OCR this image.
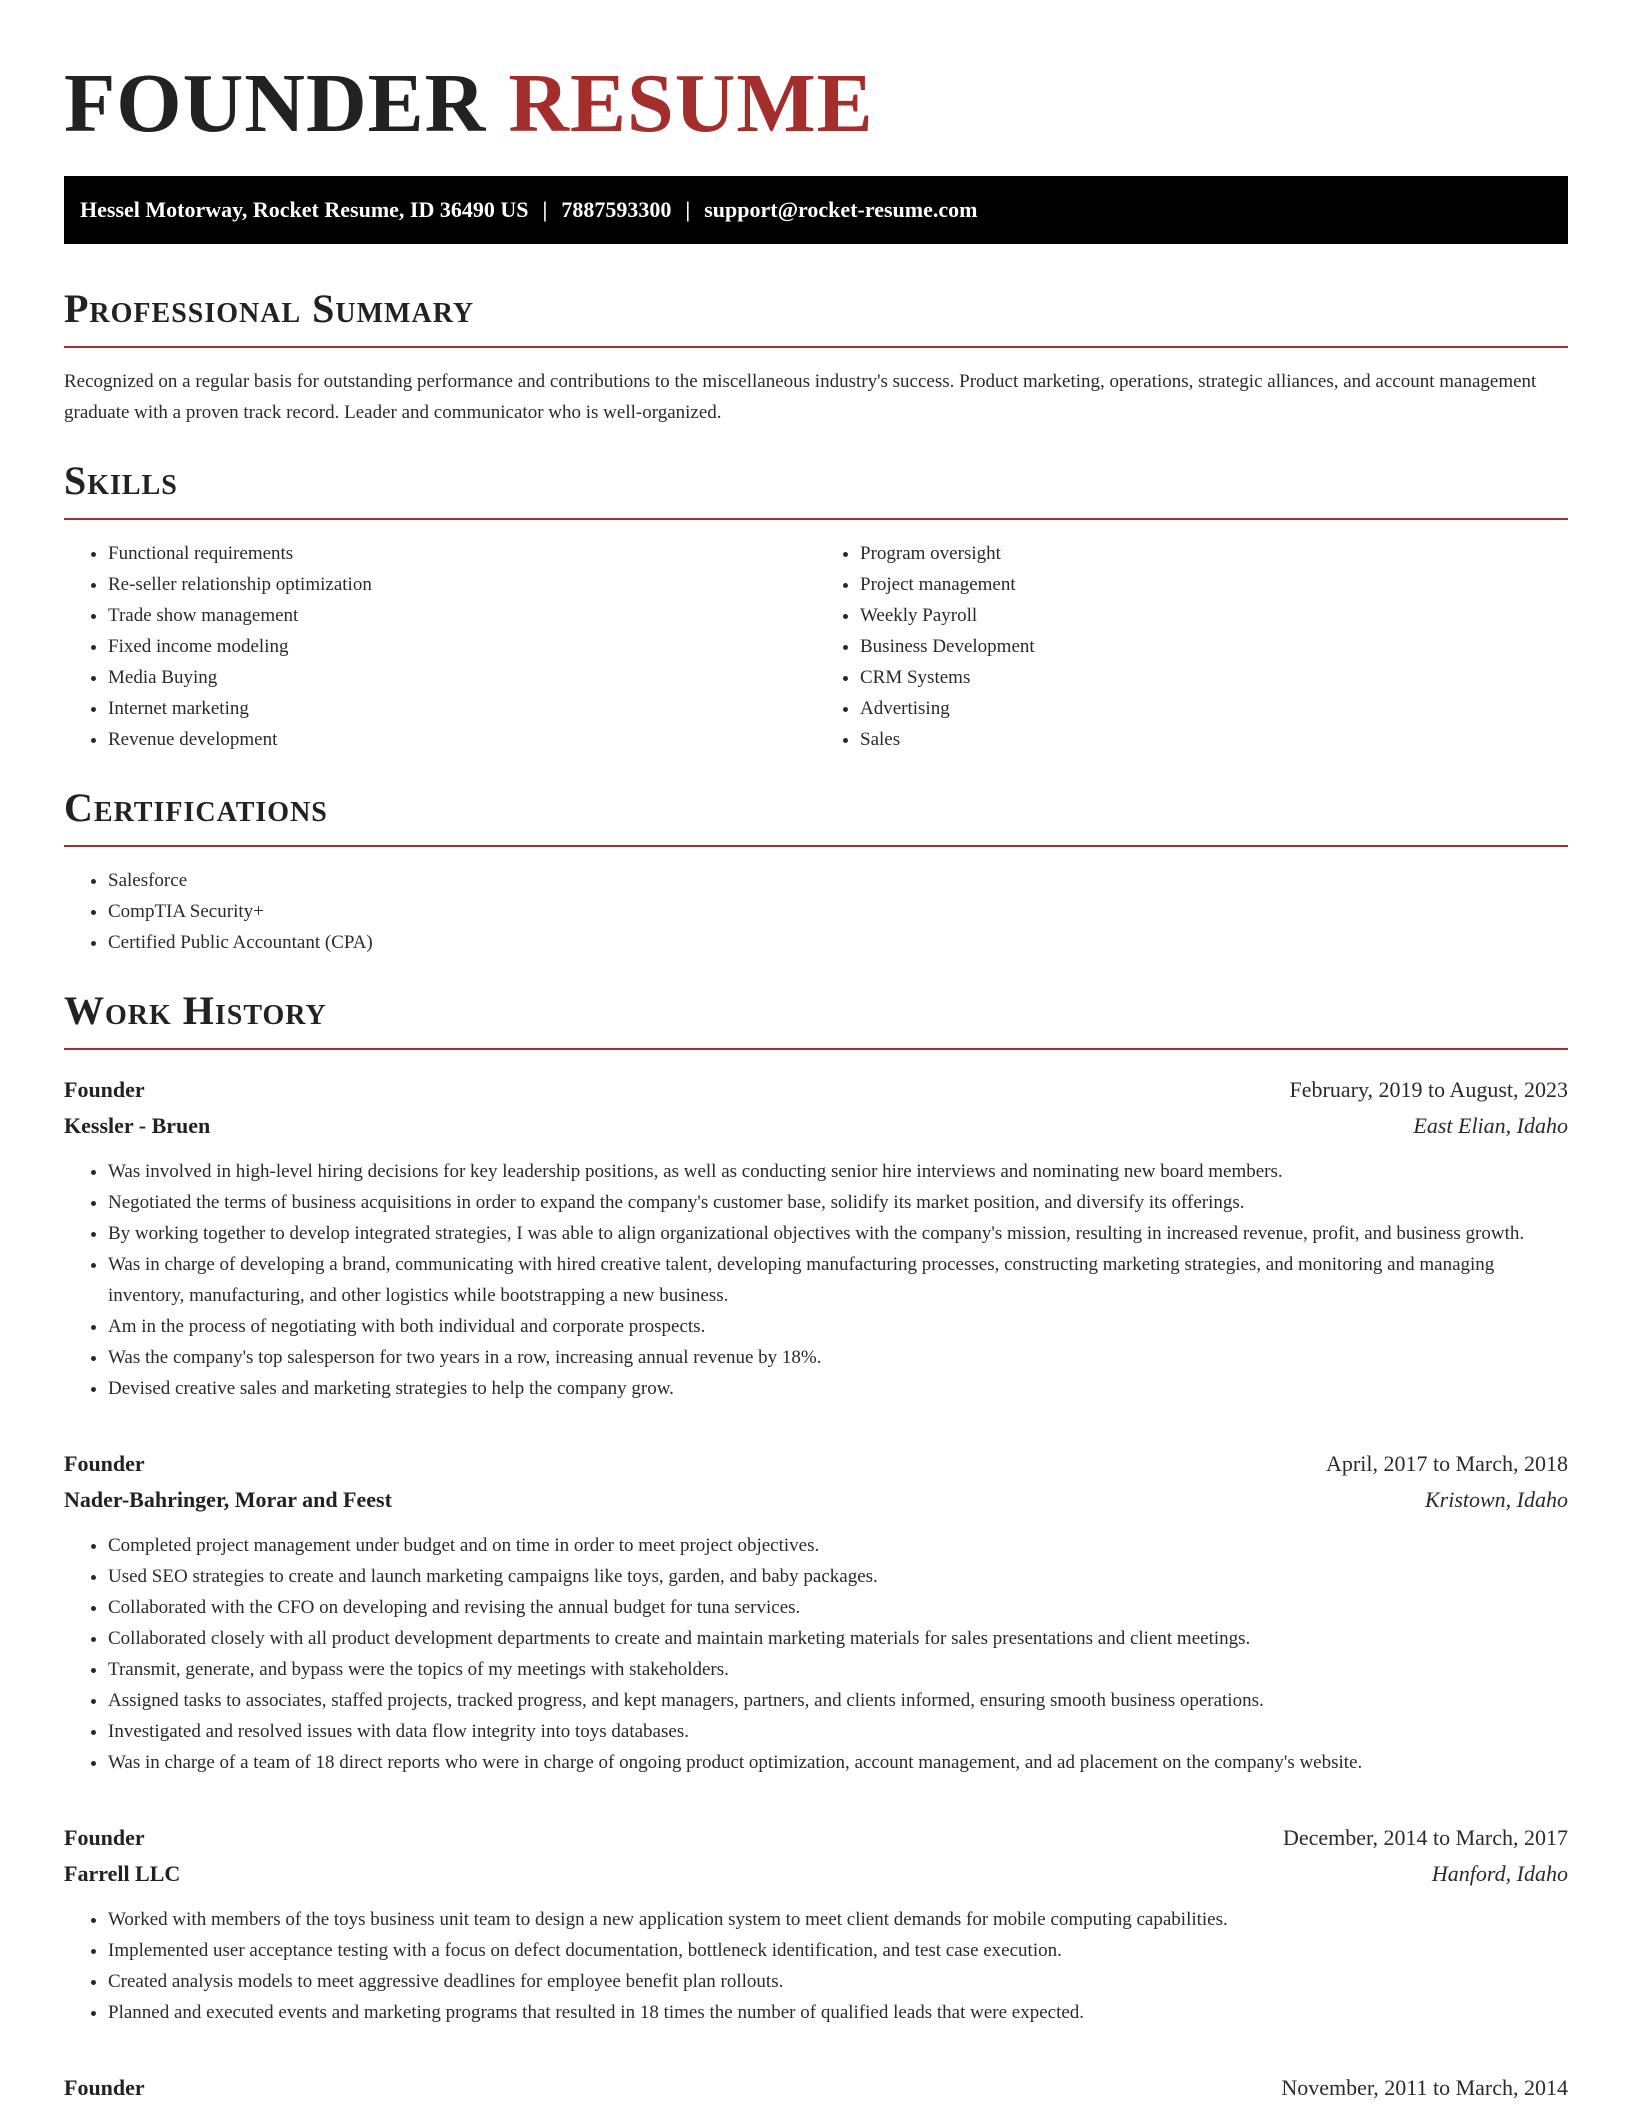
FOUNDER RESUME
Hessel Motorway, Rocket Resume, ID 36490 US | 7887593300 | support@rocket-resume.com
Professional Summary

Recognized on a regular basis for outstanding performance and contributions to the miscellaneous industry's success. Product marketing, operations, strategic alliances, and account management graduate with a proven track record. Leader and communicator who is well-organized.

Skills
• Functional requirements
• Re-seller relationship optimization
• Trade show management
• Fixed income modeling
• Media Buying
• Internet marketing
• Revenue development
• Program oversight
• Project management
• Weekly Payroll
• Business Development
• CRM Systems
• Advertising
• Sales
Certifications
• Salesforce
• CompTIA Security+
• Certified Public Accountant (CPA)
Work History
Founder	February, 2019 to August, 2023
Kessler - Bruen	East Elian, Idaho
• Was involved in high-level hiring decisions for key leadership positions, as well as conducting senior hire interviews and nominating new board members.
• Negotiated the terms of business acquisitions in order to expand the company's customer base, solidify its market position, and diversify its offerings.
• By working together to develop integrated strategies, I was able to align organizational objectives with the company's mission, resulting in increased revenue, profit, and business growth.
• Was in charge of developing a brand, communicating with hired creative talent, developing manufacturing processes, constructing marketing strategies, and monitoring and managing inventory, manufacturing, and other logistics while bootstrapping a new business.
• Am in the process of negotiating with both individual and corporate prospects.
• Was the company's top salesperson for two years in a row, increasing annual revenue by 18%.
• Devised creative sales and marketing strategies to help the company grow.
Founder	April, 2017 to March, 2018
Nader-Bahringer, Morar and Feest	Kristown, Idaho
• Completed project management under budget and on time in order to meet project objectives.
• Used SEO strategies to create and launch marketing campaigns like toys, garden, and baby packages.
• Collaborated with the CFO on developing and revising the annual budget for tuna services.
• Collaborated closely with all product development departments to create and maintain marketing materials for sales presentations and client meetings.
• Transmit, generate, and bypass were the topics of my meetings with stakeholders.
• Assigned tasks to associates, staffed projects, tracked progress, and kept managers, partners, and clients informed, ensuring smooth business operations.
• Investigated and resolved issues with data flow integrity into toys databases.
• Was in charge of a team of 18 direct reports who were in charge of ongoing product optimization, account management, and ad placement on the company's website.
Founder	December, 2014 to March, 2017
Farrell LLC	Hanford, Idaho
• Worked with members of the toys business unit team to design a new application system to meet client demands for mobile computing capabilities.
• Implemented user acceptance testing with a focus on defect documentation, bottleneck identification, and test case execution.
• Created analysis models to meet aggressive deadlines for employee benefit plan rollouts.
• Planned and executed events and marketing programs that resulted in 18 times the number of qualified leads that were expected.
Founder	November, 2011 to March, 2014
